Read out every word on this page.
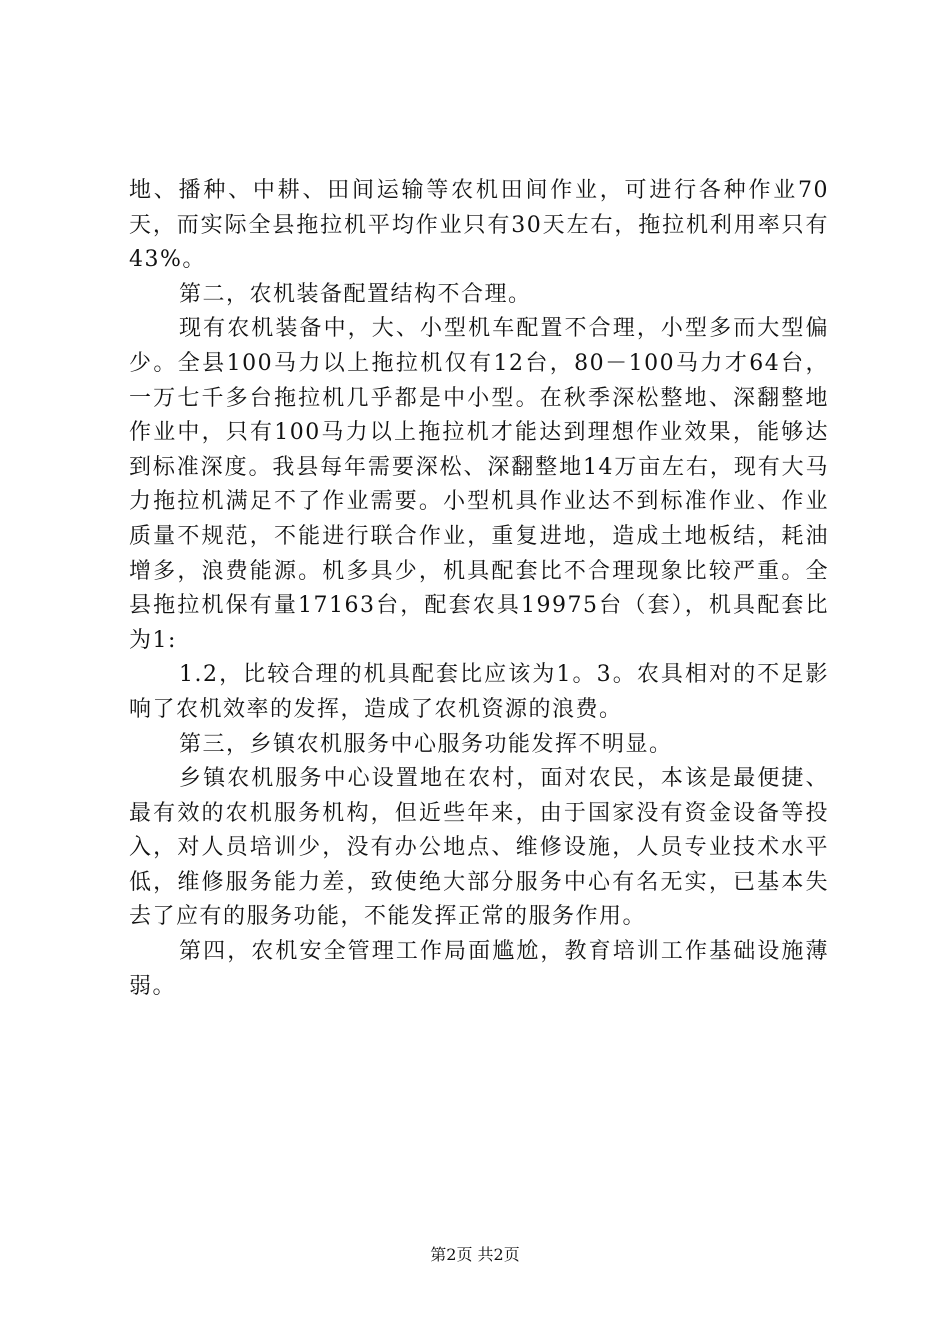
地、播种、中耕、田间运输等农机田间作业，可进行各种作业70天，而实际全县拖拉机平均作业只有30天左右，拖拉机利用率只有43%。

第二，农机装备配置结构不合理。

现有农机装备中，大、小型机车配置不合理，小型多而大型偏少。全县100马力以上拖拉机仅有12台，80－100马力才64台，一万七千多台拖拉机几乎都是中小型。在秋季深松整地、深翻整地作业中，只有100马力以上拖拉机才能达到理想作业效果，能够达到标准深度。我县每年需要深松、深翻整地14万亩左右，现有大马力拖拉机满足不了作业需要。小型机具作业达不到标准作业、作业质量不规范，不能进行联合作业，重复进地，造成土地板结，耗油增多，浪费能源。机多具少，机具配套比不合理现象比较严重。全县拖拉机保有量17163台，配套农具19975台（套），机具配套比为1:

1.2，比较合理的机具配套比应该为1。3。农具相对的不足影响了农机效率的发挥，造成了农机资源的浪费。

第三，乡镇农机服务中心服务功能发挥不明显。

乡镇农机服务中心设置地在农村，面对农民，本该是最便捷、最有效的农机服务机构，但近些年来，由于国家没有资金设备等投入，对人员培训少，没有办公地点、维修设施，人员专业技术水平低，维修服务能力差，致使绝大部分服务中心有名无实，已基本失去了应有的服务功能，不能发挥正常的服务作用。

第四，农机安全管理工作局面尴尬，教育培训工作基础设施薄弱。

第2页 共2页
